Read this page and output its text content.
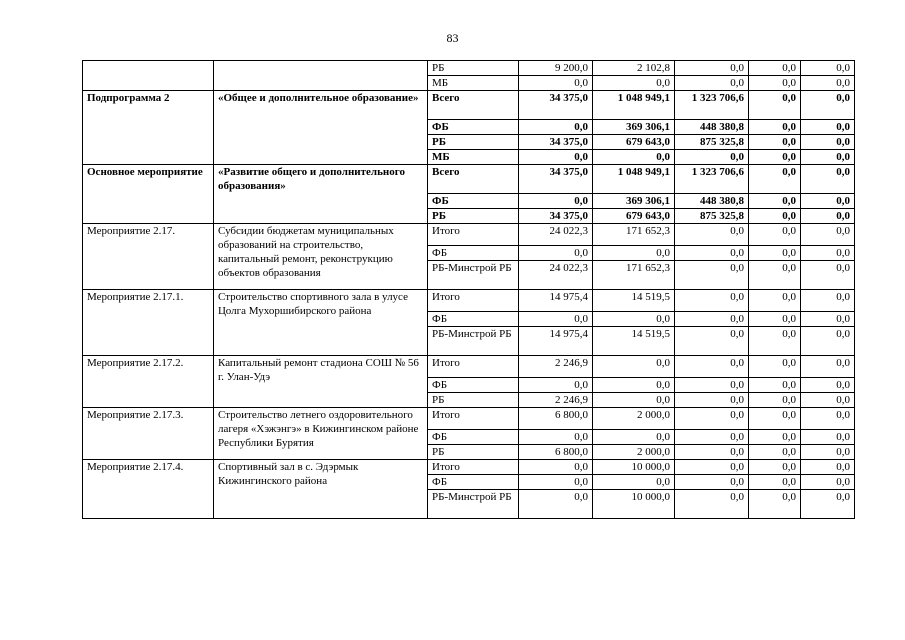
83
		РБ	9 200,0	2 102,8	0,0	0,0	0,0
		МБ	0,0	0,0	0,0	0,0	0,0
Подпрограмма 2	«Общее и дополнительное образование»	Всего	34 375,0	1 048 949,1	1 323 706,6	0,0	0,0
		ФБ	0,0	369 306,1	448 380,8	0,0	0,0
		РБ	34 375,0	679 643,0	875 325,8	0,0	0,0
		МБ	0,0	0,0	0,0	0,0	0,0
Основное мероприятие	«Развитие общего и дополнительного образования»	Всего	34 375,0	1 048 949,1	1 323 706,6	0,0	0,0
		ФБ	0,0	369 306,1	448 380,8	0,0	0,0
		РБ	34 375,0	679 643,0	875 325,8	0,0	0,0
Мероприятие 2.17.	Субсидии бюджетам муниципальных образований на строительство, капитальный ремонт, реконструкцию объектов образования	Итого	24 022,3	171 652,3	0,0	0,0	0,0
		ФБ	0,0	0,0	0,0	0,0	0,0
		РБ-Минстрой РБ	24 022,3	171 652,3	0,0	0,0	0,0
Мероприятие 2.17.1.	Строительство спортивного зала в улусе Цолга Мухоршибирского района	Итого	14 975,4	14 519,5	0,0	0,0	0,0
		ФБ	0,0	0,0	0,0	0,0	0,0
		РБ-Минстрой РБ	14 975,4	14 519,5	0,0	0,0	0,0
Мероприятие 2.17.2.	Капитальный ремонт стадиона СОШ № 56 г. Улан-Удэ	Итого	2 246,9	0,0	0,0	0,0	0,0
		ФБ	0,0	0,0	0,0	0,0	0,0
		РБ	2 246,9	0,0	0,0	0,0	0,0
Мероприятие 2.17.3.	Строительство летнего оздоровительного лагеря «Хэжэнгэ» в Кижингинском районе Республики Бурятия	Итого	6 800,0	2 000,0	0,0	0,0	0,0
		ФБ	0,0	0,0	0,0	0,0	0,0
		РБ	6 800,0	2 000,0	0,0	0,0	0,0
Мероприятие 2.17.4.	Спортивный зал в с. Эдэрмык Кижингинского района	Итого	0,0	10 000,0	0,0	0,0	0,0
		ФБ	0,0	0,0	0,0	0,0	0,0
		РБ-Минстрой РБ	0,0	10 000,0	0,0	0,0	0,0
